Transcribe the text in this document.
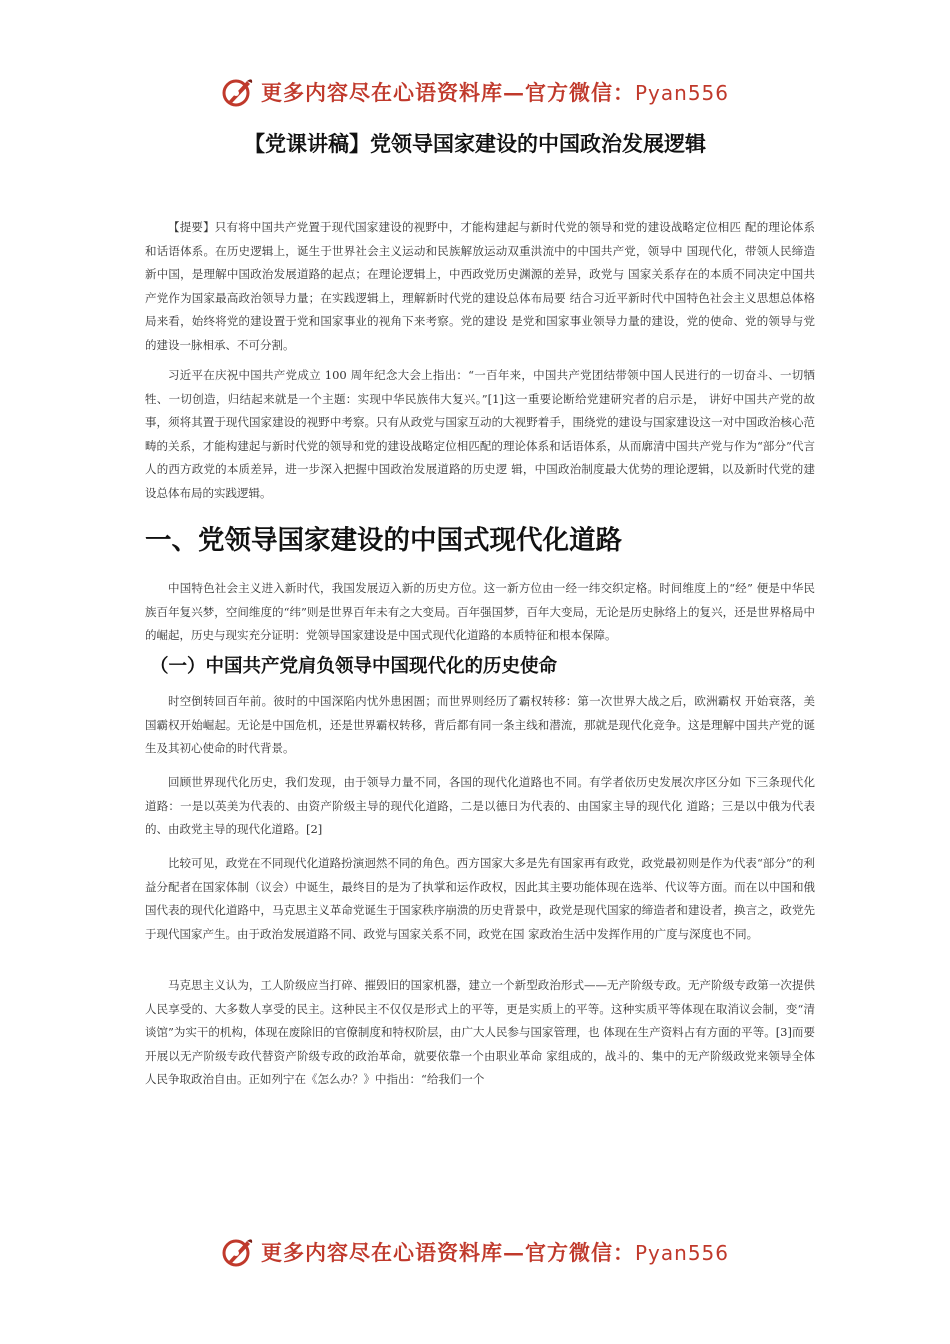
更多内容尽在心语资料库—官方微信：Pyan556
【党课讲稿】党领导国家建设的中国政治发展逻辑

【提要】只有将中国共产党置于现代国家建设的视野中，才能构建起与新时代党的领导和党的建设战略定位相匹 配的理论体系和话语体系。在历史逻辑上，诞生于世界社会主义运动和民族解放运动双重洪流中的中国共产党，领导中 国现代化，带领人民缔造新中国，是理解中国政治发展道路的起点；在理论逻辑上，中西政党历史渊源的差异，政党与 国家关系存在的本质不同决定中国共产党作为国家最高政治领导力量；在实践逻辑上，理解新时代党的建设总体布局要 结合习近平新时代中国特色社会主义思想总体格局来看，始终将党的建设置于党和国家事业的视角下来考察。党的建设 是党和国家事业领导力量的建设，党的使命、党的领导与党的建设一脉相承、不可分割。

习近平在庆祝中国共产党成立 100 周年纪念大会上指出：“一百年来，中国共产党团结带领中国人民进行的一切奋斗、一切牺牲、一切创造，归结起来就是一个主题：实现中华民族伟大复兴。”[1]这一重要论断给党建研究者的启示是， 讲好中国共产党的故事，须将其置于现代国家建设的视野中考察。只有从政党与国家互动的大视野着手，围绕党的建设与国家建设这一对中国政治核心范畴的关系，才能构建起与新时代党的领导和党的建设战略定位相匹配的理论体系和话语体系，从而廓清中国共产党与作为“部分”代言人的西方政党的本质差异，进一步深入把握中国政治发展道路的历史逻 辑，中国政治制度最大优势的理论逻辑，以及新时代党的建设总体布局的实践逻辑。

一、党领导国家建设的中国式现代化道路

中国特色社会主义进入新时代，我国发展迈入新的历史方位。这一新方位由一经一纬交织定格。时间维度上的“经” 便是中华民族百年复兴梦，空间维度的“纬”则是世界百年未有之大变局。百年强国梦，百年大变局，无论是历史脉络上的复兴，还是世界格局中的崛起，历史与现实充分证明：党领导国家建设是中国式现代化道路的本质特征和根本保障。

（一）中国共产党肩负领导中国现代化的历史使命

时空倒转回百年前。彼时的中国深陷内忧外患困圄；而世界则经历了霸权转移：第一次世界大战之后，欧洲霸权 开始衰落，美国霸权开始崛起。无论是中国危机，还是世界霸权转移，背后都有同一条主线和潜流，那就是现代化竞争。这是理解中国共产党的诞生及其初心使命的时代背景。

回顾世界现代化历史，我们发现，由于领导力量不同，各国的现代化道路也不同。有学者依历史发展次序区分如 下三条现代化道路：一是以英美为代表的、由资产阶级主导的现代化道路，二是以德日为代表的、由国家主导的现代化 道路；三是以中俄为代表的、由政党主导的现代化道路。[2]

比较可见，政党在不同现代化道路扮演迥然不同的角色。西方国家大多是先有国家再有政党，政党最初则是作为代表“部分”的利益分配者在国家体制（议会）中诞生，最终目的是为了执掌和运作政权，因此其主要功能体现在选举、代议等方面。而在以中国和俄国代表的现代化道路中，马克思主义革命党诞生于国家秩序崩溃的历史背景中，政党是现代国家的缔造者和建设者，换言之，政党先于现代国家产生。由于政治发展道路不同、政党与国家关系不同，政党在国 家政治生活中发挥作用的广度与深度也不同。

马克思主义认为，工人阶级应当打碎、摧毁旧的国家机器，建立一个新型政治形式——无产阶级专政。无产阶级专政第一次提供人民享受的、大多数人享受的民主。这种民主不仅仅是形式上的平等，更是实质上的平等。这种实质平等体现在取消议会制，变“清谈馆”为实干的机构，体现在废除旧的官僚制度和特权阶层，由广大人民参与国家管理，也 体现在生产资料占有方面的平等。[3]而要开展以无产阶级专政代替资产阶级专政的政治革命，就要依靠一个由职业革命 家组成的，战斗的、集中的无产阶级政党来领导全体人民争取政治自由。正如列宁在《怎么办？》中指出：“给我们一个

更多内容尽在心语资料库—官方微信：Pyan556
